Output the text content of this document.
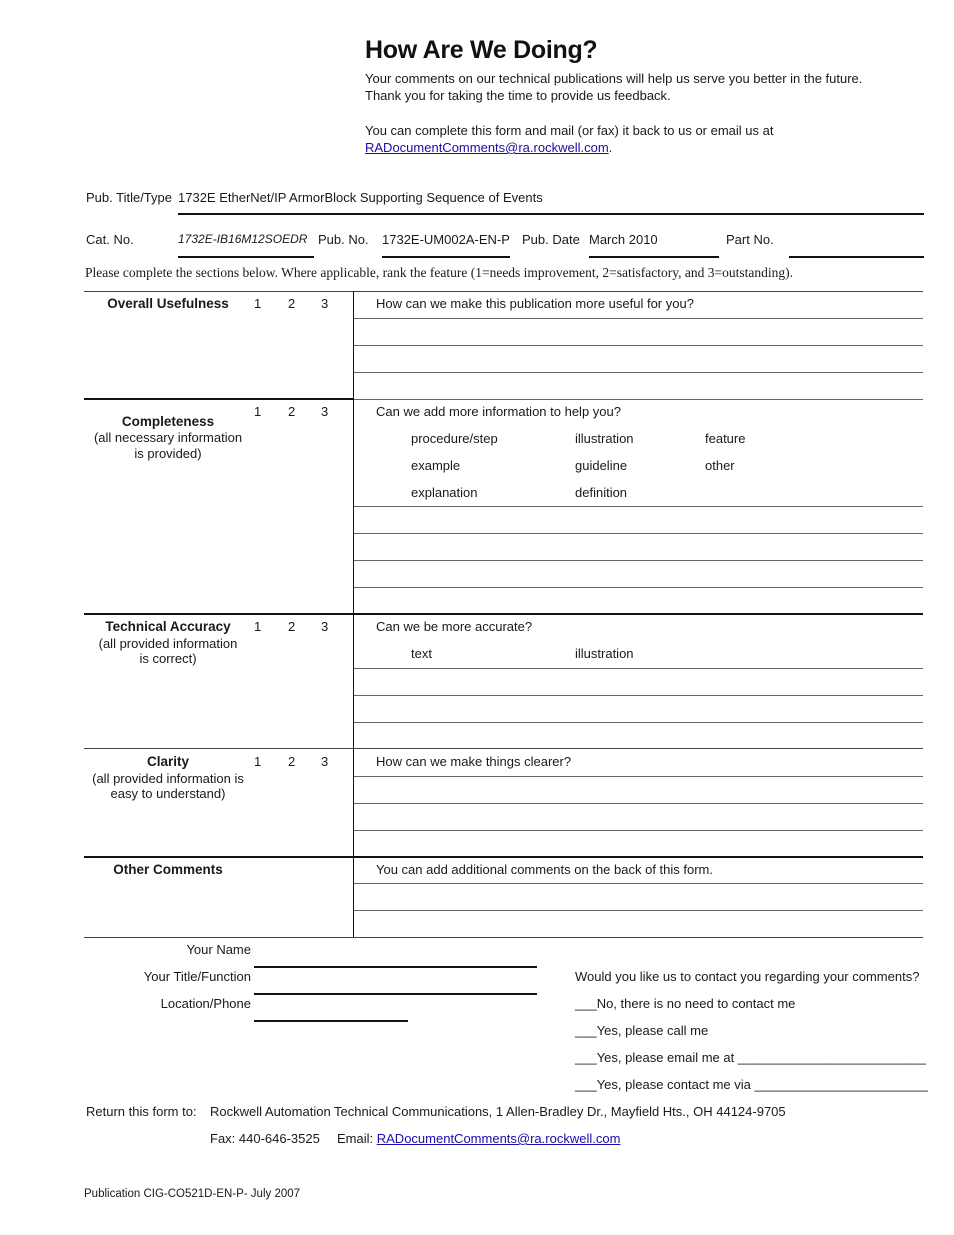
How Are We Doing?
Your comments on our technical publications will help us serve you better in the future.
Thank you for taking the time to provide us feedback.
You can complete this form and mail (or fax) it back to us or email us at
RADocumentComments@ra.rockwell.com.
Pub. Title/Type 1732E EtherNet/IP ArmorBlock Supporting Sequence of Events
Cat. No.	1732E-IB16M12SOEDR Pub. No. 1732E-UM002A-EN-P Pub. Date March 2010	Part No.
Please complete the sections below. Where applicable, rank the feature (1=needs improvement, 2=satisfactory, and 3=outstanding).
Overall Usefulness	1 2 3	How can we make this publication more useful for you?
Completeness
(all necessary information
is provided)
1 2 3	Can we add more information to help you?
procedure/step	illustration	feature
example	guideline	other
explanation	definition
Technical Accuracy
(all provided information
is correct)
1 2 3	Can we be more accurate?
text	illustration
Clarity
(all provided information is
easy to understand)
1 2 3	How can we make things clearer?
Other Comments	You can add additional comments on the back of this form.
Your Name
Your Title/Function
Location/Phone
Would you like us to contact you regarding your comments?
___No, there is no need to contact me
___Yes, please call me
___Yes, please email me at __________________________
___Yes, please contact me via ________________________
Return this form to: Rockwell Automation Technical Communications, 1 Allen-Bradley Dr., Mayfield Hts., OH 44124-9705
Fax: 440-646-3525 Email: RADocumentComments@ra.rockwell.com
Publication CIG-CO521D-EN-P- July 2007
